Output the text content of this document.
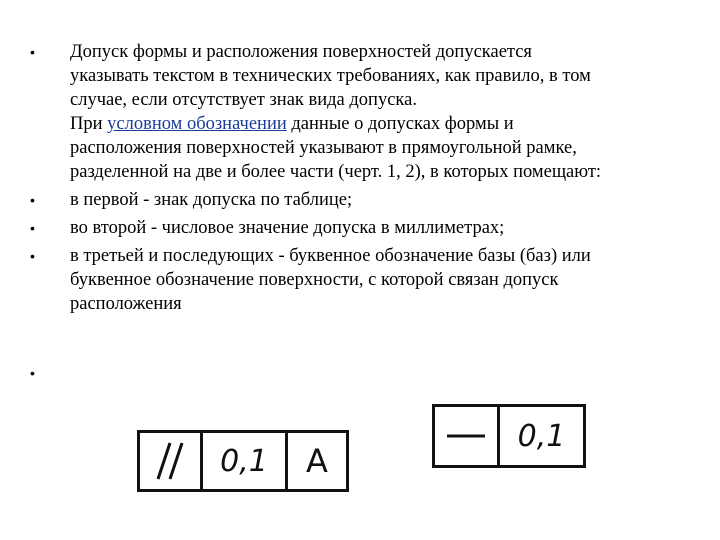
• Допуск формы и расположения поверхностей допускается
указывать текстом в технических требованиях, как правило, в том
случае, если отсутствует знак вида допуска.
При условном обозначении данные о допусках формы и
расположения поверхностей указывают в прямоугольной рамке,
разделенной на две и более части (черт. 1, 2), в которых помещают:
• в первой - знак допуска по таблице;
• во второй - числовое значение допуска в миллиметрах;
• в третьей и последующих - буквенное обозначение базы (баз) или
буквенное обозначение поверхности, с которой связан допуск
расположения
•
0,1	A
0,1
